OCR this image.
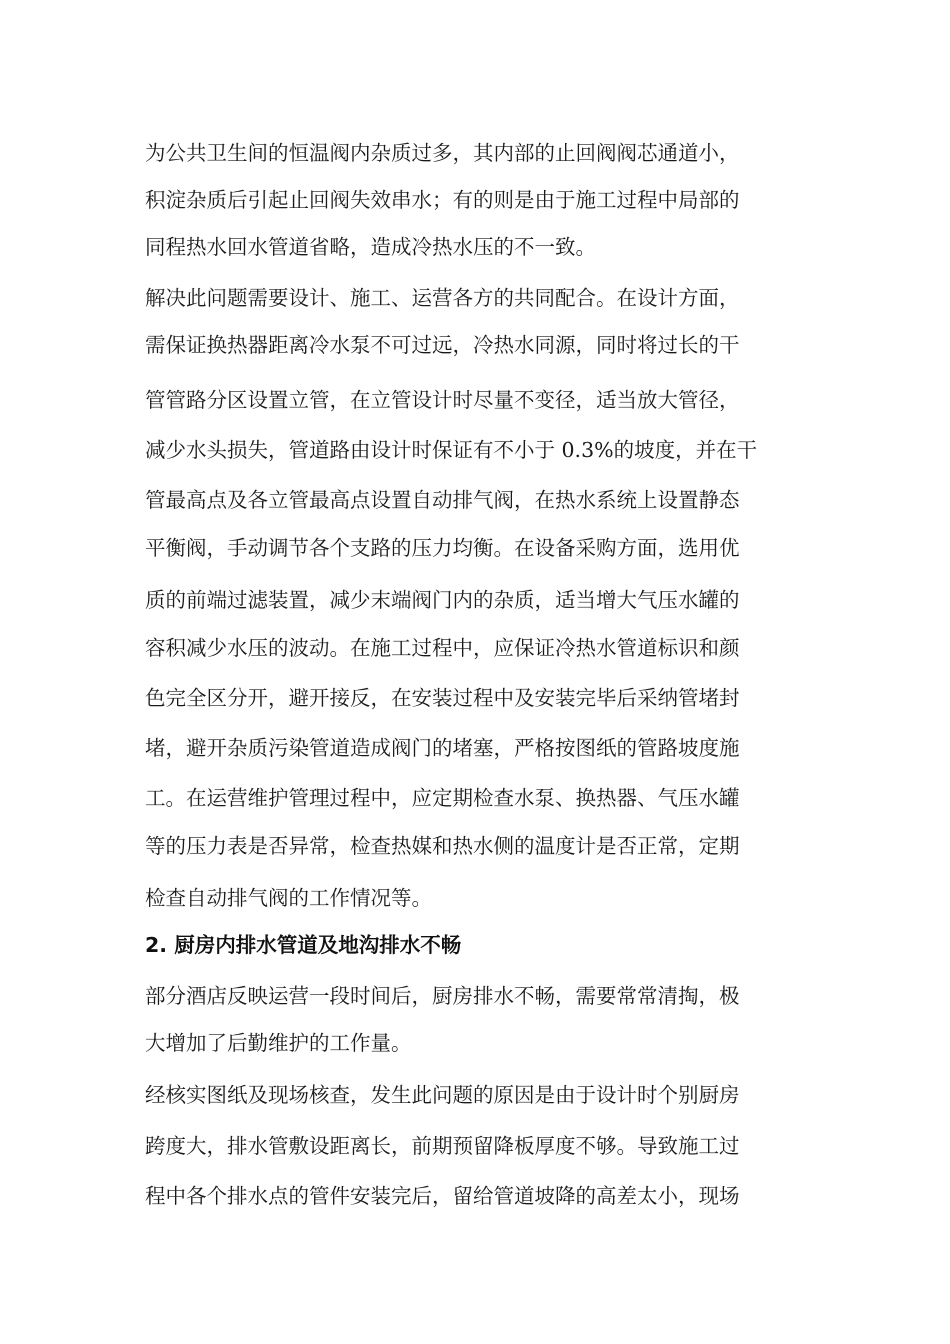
为公共卫生间的恒温阀内杂质过多，其内部的止回阀阀芯通道小，
积淀杂质后引起止回阀失效串水；有的则是由于施工过程中局部的
同程热水回水管道省略，造成冷热水压的不一致。
解决此问题需要设计、施工、运营各方的共同配合。在设计方面，
需保证换热器距离冷水泵不可过远，冷热水同源，同时将过长的干
管管路分区设置立管，在立管设计时尽量不变径，适当放大管径，
减少水头损失，管道路由设计时保证有不小于 0.3%的坡度，并在干
管最高点及各立管最高点设置自动排气阀，在热水系统上设置静态
平衡阀，手动调节各个支路的压力均衡。在设备采购方面，选用优
质的前端过滤装置，减少末端阀门内的杂质，适当增大气压水罐的
容积减少水压的波动。在施工过程中，应保证冷热水管道标识和颜
色完全区分开，避开接反，在安装过程中及安装完毕后采纳管堵封
堵，避开杂质污染管道造成阀门的堵塞，严格按图纸的管路坡度施
工。在运营维护管理过程中，应定期检查水泵、换热器、气压水罐
等的压力表是否异常，检查热媒和热水侧的温度计是否正常，定期
检查自动排气阀的工作情况等。
2. 厨房内排水管道及地沟排水不畅
部分酒店反映运营一段时间后，厨房排水不畅，需要常常清掏，极
大增加了后勤维护的工作量。
经核实图纸及现场核查，发生此问题的原因是由于设计时个别厨房
跨度大，排水管敷设距离长，前期预留降板厚度不够。导致施工过
程中各个排水点的管件安装完后，留给管道坡降的高差太小，现场
